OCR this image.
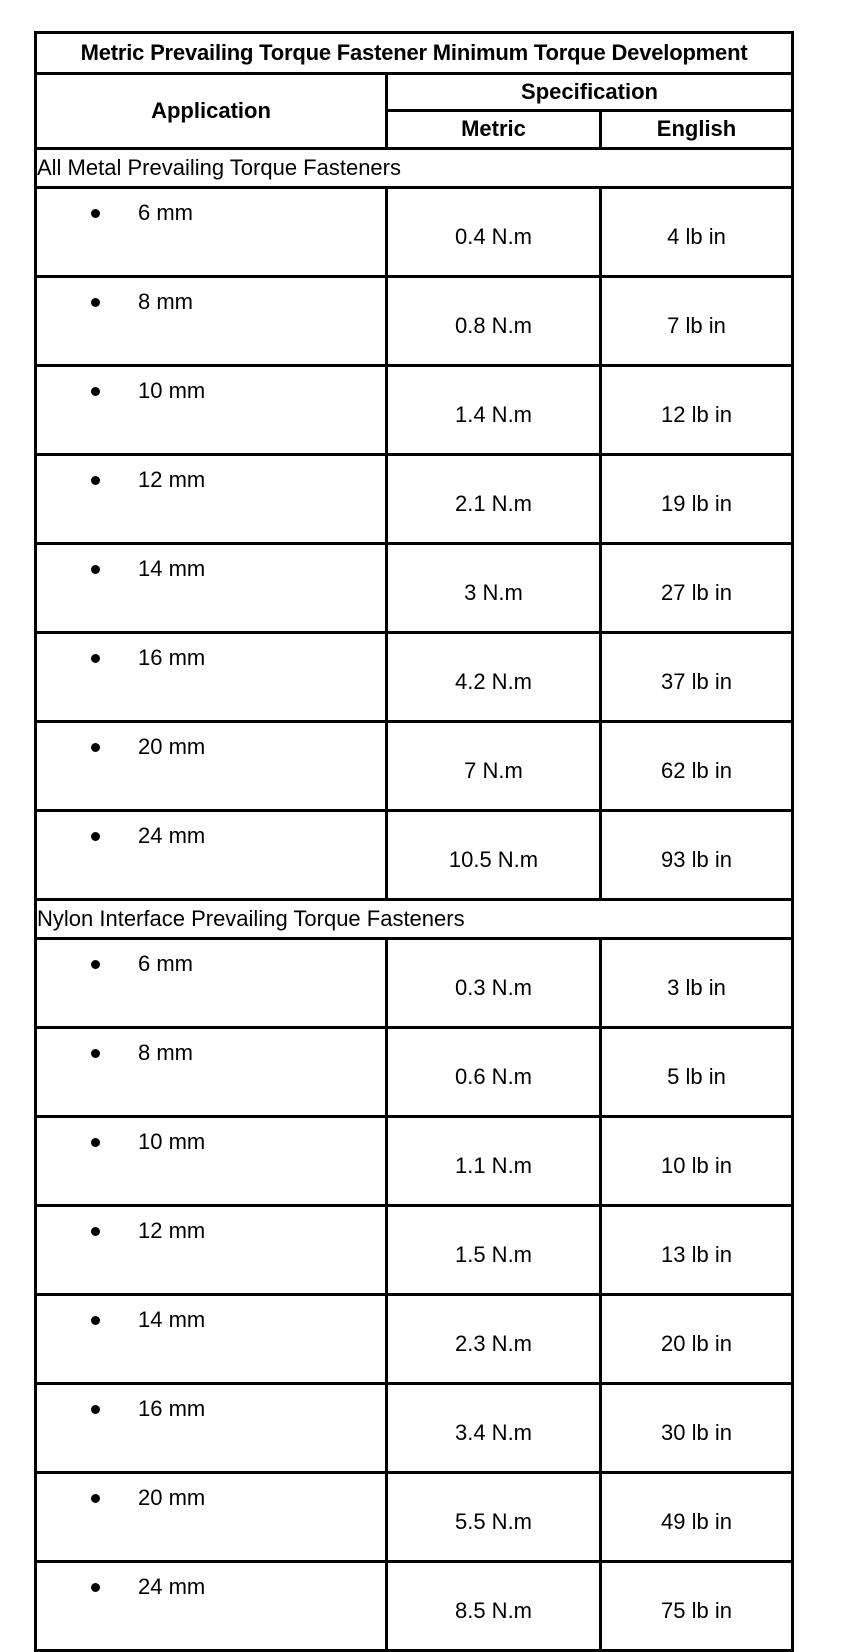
Metric Prevailing Torque Fastener Minimum Torque Development		
Application	Specification	
	Metric	English
All Metal Prevailing Torque Fasteners		

6 mm	0.4 N.m	4 lb in

8 mm	0.8 N.m	7 lb in

10 mm	1.4 N.m	12 lb in

12 mm	2.1 N.m	19 lb in

14 mm	3 N.m	27 lb in

16 mm	4.2 N.m	37 lb in

20 mm	7 N.m	62 lb in

24 mm	10.5 N.m	93 lb in
Nylon Interface Prevailing Torque Fasteners		

6 mm	0.3 N.m	3 lb in

8 mm	0.6 N.m	5 lb in

10 mm	1.1 N.m	10 lb in

12 mm	1.5 N.m	13 lb in

14 mm	2.3 N.m	20 lb in

16 mm	3.4 N.m	30 lb in

20 mm	5.5 N.m	49 lb in

24 mm	8.5 N.m	75 lb in
